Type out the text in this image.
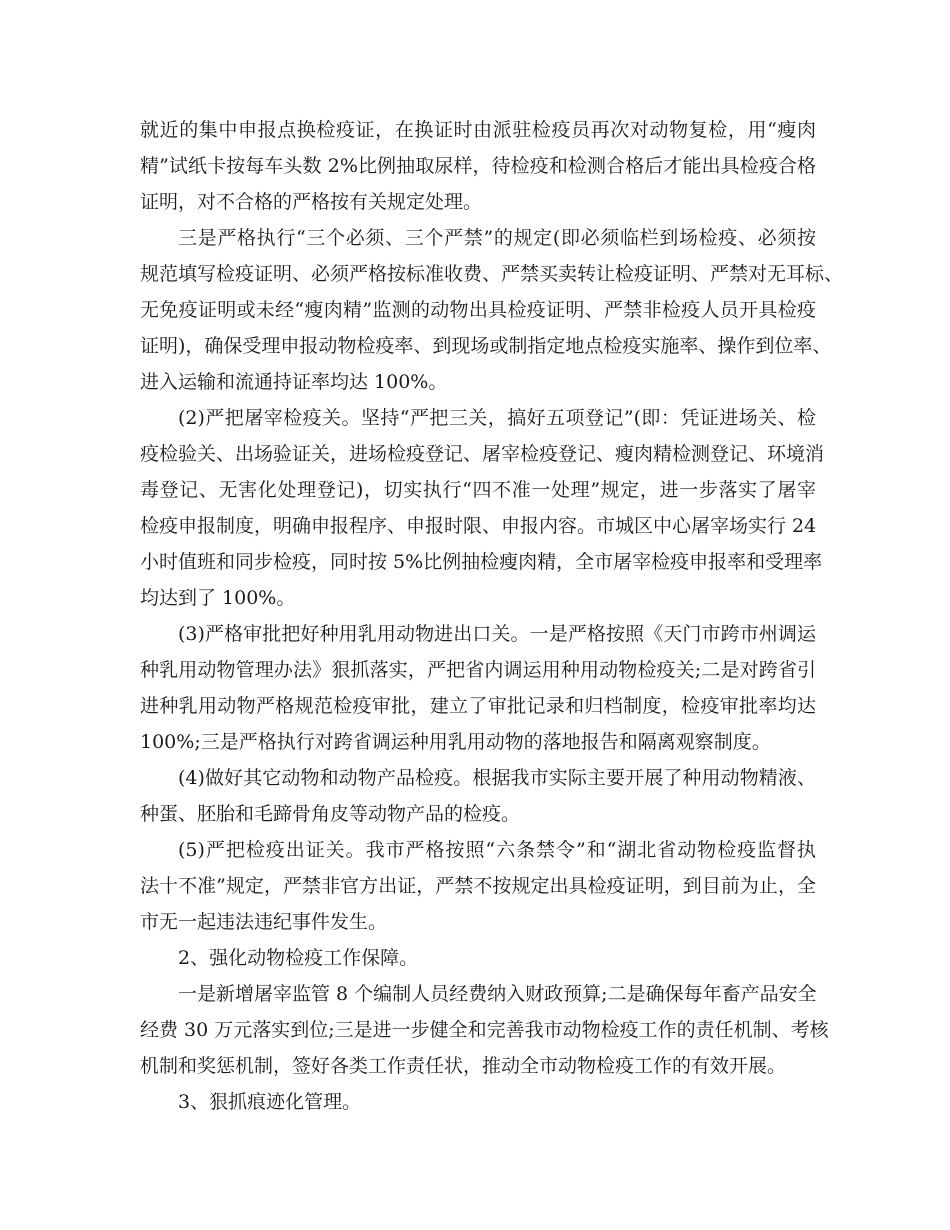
就近的集中申报点换检疫证，在换证时由派驻检疫员再次对动物复检，用“瘦肉
精”试纸卡按每车头数 2%比例抽取尿样，待检疫和检测合格后才能出具检疫合格
证明，对不合格的严格按有关规定处理。
三是严格执行“三个必须、三个严禁”的规定(即必须临栏到场检疫、必须按
规范填写检疫证明、必须严格按标准收费、严禁买卖转让检疫证明、严禁对无耳标、
无免疫证明或未经“瘦肉精”监测的动物出具检疫证明、严禁非检疫人员开具检疫
证明)，确保受理申报动物检疫率、到现场或制指定地点检疫实施率、操作到位率、
进入运输和流通持证率均达 100%。
(2)严把屠宰检疫关。坚持“严把三关，搞好五项登记”(即：凭证进场关、检
疫检验关、出场验证关，进场检疫登记、屠宰检疫登记、瘦肉精检测登记、环境消
毒登记、无害化处理登记)，切实执行“四不准一处理”规定，进一步落实了屠宰
检疫申报制度，明确申报程序、申报时限、申报内容。市城区中心屠宰场实行 24
小时值班和同步检疫，同时按 5%比例抽检瘦肉精，全市屠宰检疫申报率和受理率
均达到了 100%。
(3)严格审批把好种用乳用动物进出口关。一是严格按照《天门市跨市州调运
种乳用动物管理办法》狠抓落实，严把省内调运用种用动物检疫关;二是对跨省引
进种乳用动物严格规范检疫审批，建立了审批记录和归档制度，检疫审批率均达
100%;三是严格执行对跨省调运种用乳用动物的落地报告和隔离观察制度。
(4)做好其它动物和动物产品检疫。根据我市实际主要开展了种用动物精液、
种蛋、胚胎和毛蹄骨角皮等动物产品的检疫。
(5)严把检疫出证关。我市严格按照“六条禁令”和“湖北省动物检疫监督执
法十不准”规定，严禁非官方出证，严禁不按规定出具检疫证明，到目前为止，全
市无一起违法违纪事件发生。
2、强化动物检疫工作保障。
一是新增屠宰监管 8 个编制人员经费纳入财政预算;二是确保每年畜产品安全
经费 30 万元落实到位;三是进一步健全和完善我市动物检疫工作的责任机制、考核
机制和奖惩机制，签好各类工作责任状，推动全市动物检疫工作的有效开展。
3、狠抓痕迹化管理。
